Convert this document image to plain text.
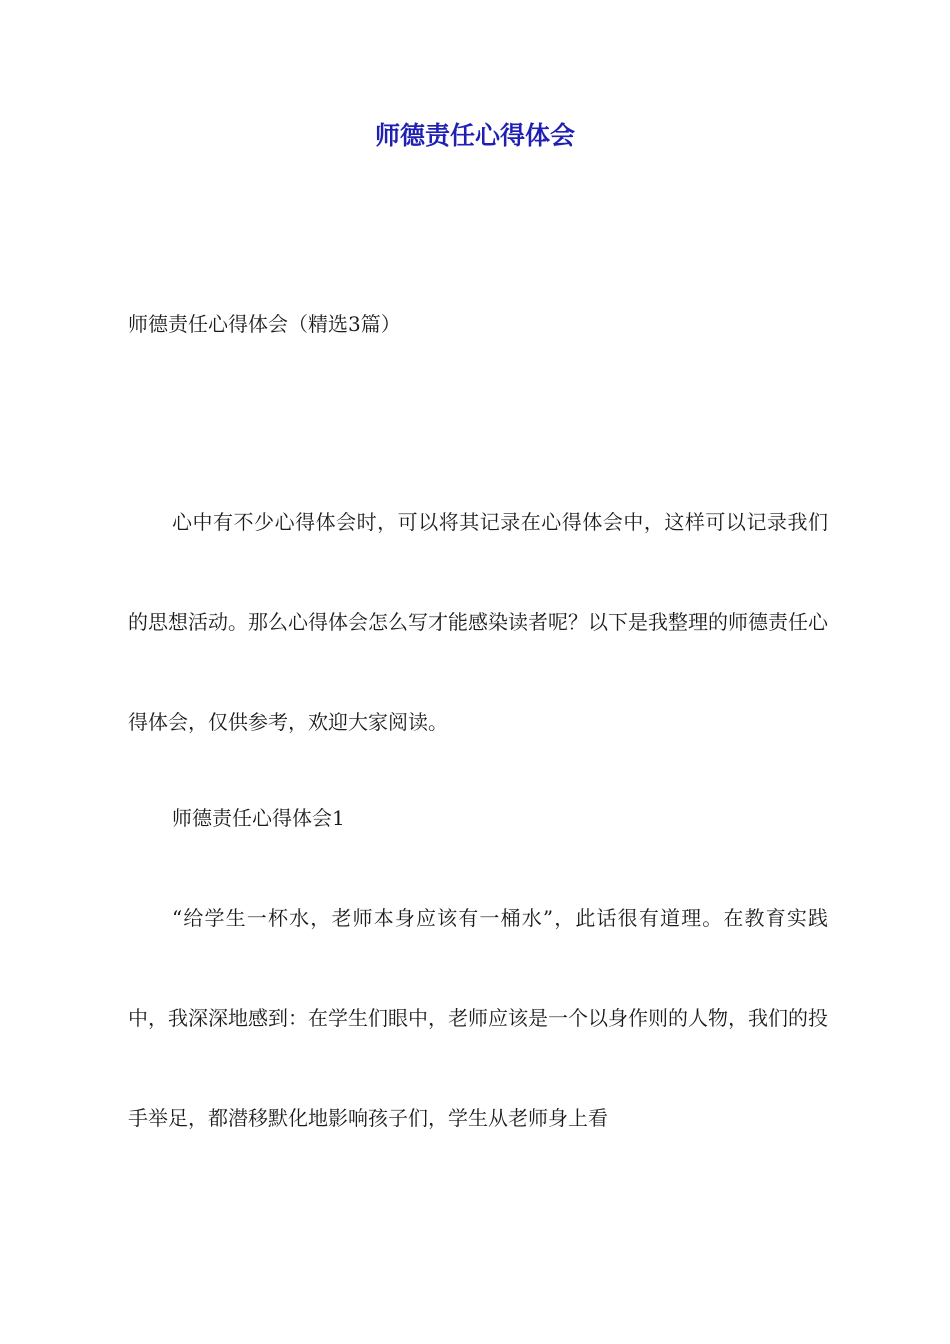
师德责任心得体会

师德责任心得体会（精选3篇）

心中有不少心得体会时，可以将其记录在心得体会中，这样可以记录我们的思想活动。那么心得体会怎么写才能感染读者呢？以下是我整理的师德责任心得体会，仅供参考，欢迎大家阅读。

师德责任心得体会1

“给学生一杯水，老师本身应该有一桶水”，此话很有道理。在教育实践中，我深深地感到：在学生们眼中，老师应该是一个以身作则的人物，我们的投手举足，都潜移默化地影响孩子们，学生从老师身上看
